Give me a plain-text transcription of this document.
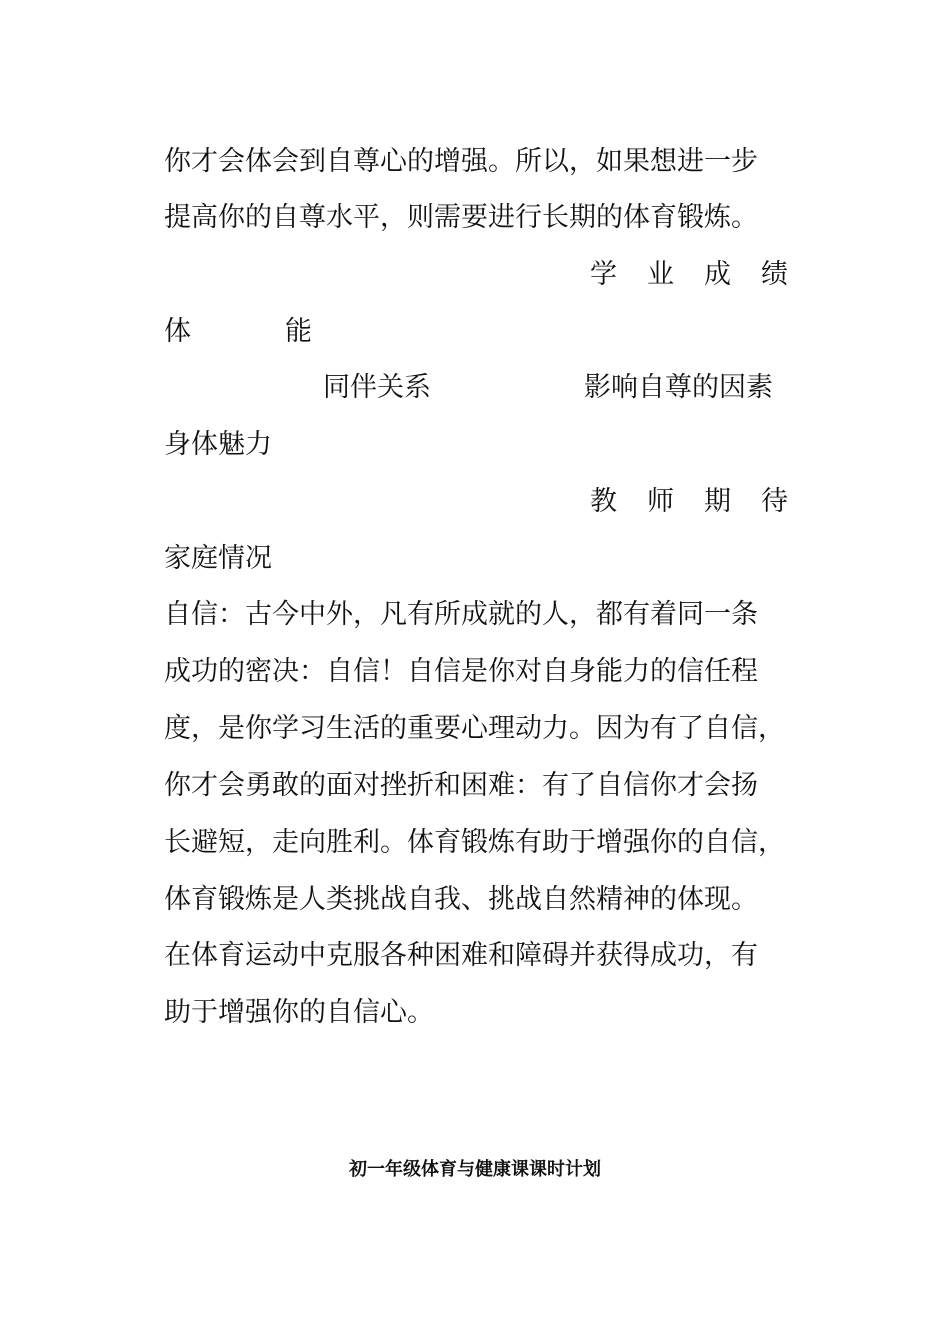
你才会体会到自尊心的增强。所以，如果想进一步
提高你的自尊水平，则需要进行长期的体育锻炼。
学业成绩
体能
同伴关系	影响自尊的因素
身体魅力
教师期待
家庭情况
自信：古今中外，凡有所成就的人，都有着同一条
成功的密决：自信！自信是你对自身能力的信任程
度，是你学习生活的重要心理动力。因为有了自信，
你才会勇敢的面对挫折和困难：有了自信你才会扬
长避短，走向胜利。体育锻炼有助于增强你的自信，
体育锻炼是人类挑战自我、挑战自然精神的体现。
在体育运动中克服各种困难和障碍并获得成功，有
助于增强你的自信心。
初一年级体育与健康课课时计划
